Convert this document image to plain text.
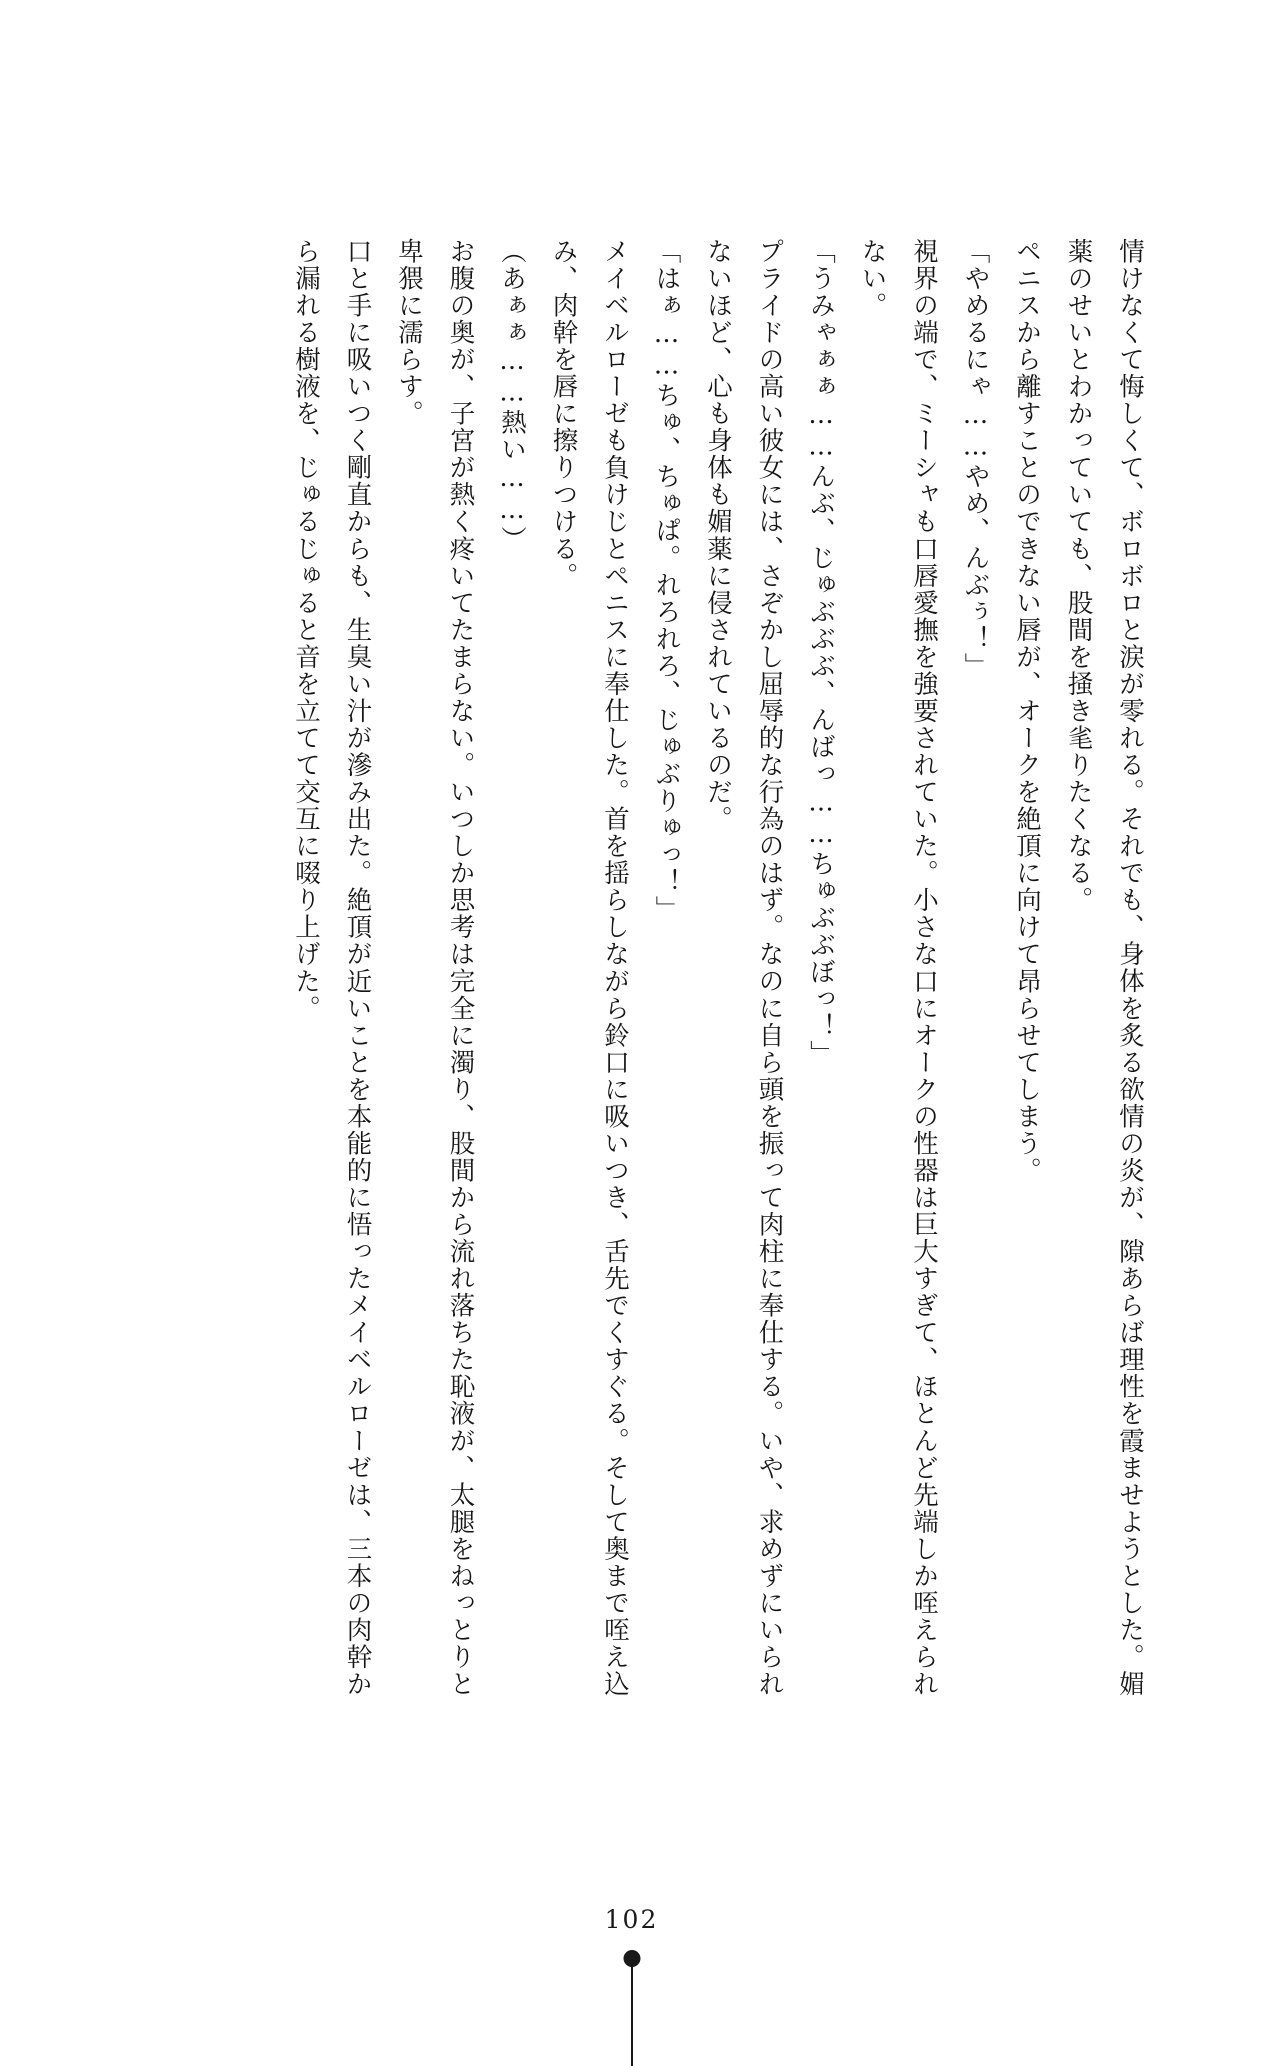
情けなくて悔しくて、ボロボロと涙が零れる。それでも、身体を炙る欲情の炎が、隙あらば理性を霞ませようとした。媚薬のせいとわかっていても、股間を掻き毟りたくなる。

ペニスから離すことのできない唇が、オークを絶頂に向けて昂らせてしまう。

「やめるにゃ……やめ、んぶぅ！」

視界の端で、ミーシャも口唇愛撫を強要されていた。小さな口にオークの性器は巨大すぎて、ほとんど先端しか咥えられない。

「うみゃぁぁ……んぶ、じゅぶぶぶ、んばっ……ちゅぶぶぼっ！」

プライドの高い彼女には、さぞかし屈辱的な行為のはず。なのに自ら頭を振って肉柱に奉仕する。いや、求めずにいられないほど、心も身体も媚薬に侵されているのだ。

「はぁ……ちゅ、ちゅぱ。れろれろ、じゅぶりゅっ！」

メイベルローゼも負けじとペニスに奉仕した。首を揺らしながら鈴口に吸いつき、舌先でくすぐる。そして奥まで咥え込み、肉幹を唇に擦りつける。

（あぁぁ……熱い……）

お腹の奥が、子宮が熱く疼いてたまらない。いつしか思考は完全に濁り、股間から流れ落ちた恥液が、太腿をねっとりと卑猥に濡らす。

口と手に吸いつく剛直からも、生臭い汁が滲み出た。絶頂が近いことを本能的に悟ったメイベルローゼは、三本の肉幹から漏れる樹液を、じゅるじゅると音を立てて交互に啜り上げた。

102
